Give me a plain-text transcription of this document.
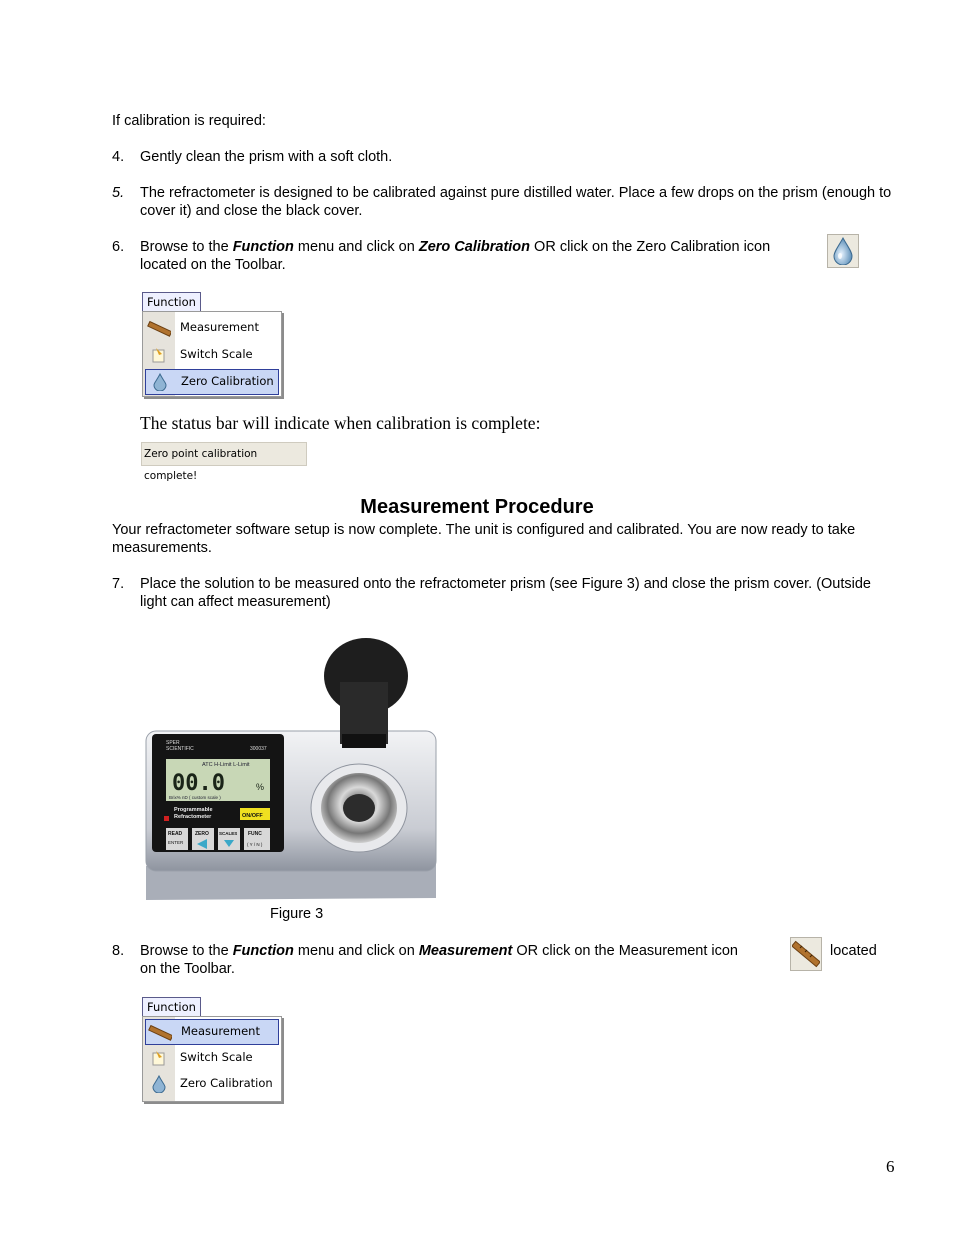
If calibration is required:
4. Gently clean the prism with a soft cloth.
5. The refractometer is designed to be calibrated against pure distilled water. Place a few drops on the prism (enough to cover it) and close the black cover.
6. Browse to the Function menu and click on Zero Calibration OR click on the Zero Calibration icon
located on the Toolbar.
Function
Measurement
Switch Scale
Zero Calibration
The status bar will indicate when calibration is complete:
Zero point calibration complete!
Measurement Procedure
Your refractometer software setup is now complete. The unit is configured and calibrated. You are now ready to take measurements.
7. Place the solution to be measured onto the refractometer prism (see Figure 3) and close the prism cover. (Outside light can affect measurement)
SPER
SCIENTIFIC	300037
ATC H-Limit L-Limit
00.0	%
Brix% nD ( custom scale )
Programmable
Refractometer	ON/OFF
READ
ENTER
ZERO SCALES FUNC
( Y / N )
Figure 3
8. Browse to the Function menu and click on Measurement OR click on the Measurement icon
on the Toolbar.
located
Function
Measurement
Switch Scale
Zero Calibration
6
